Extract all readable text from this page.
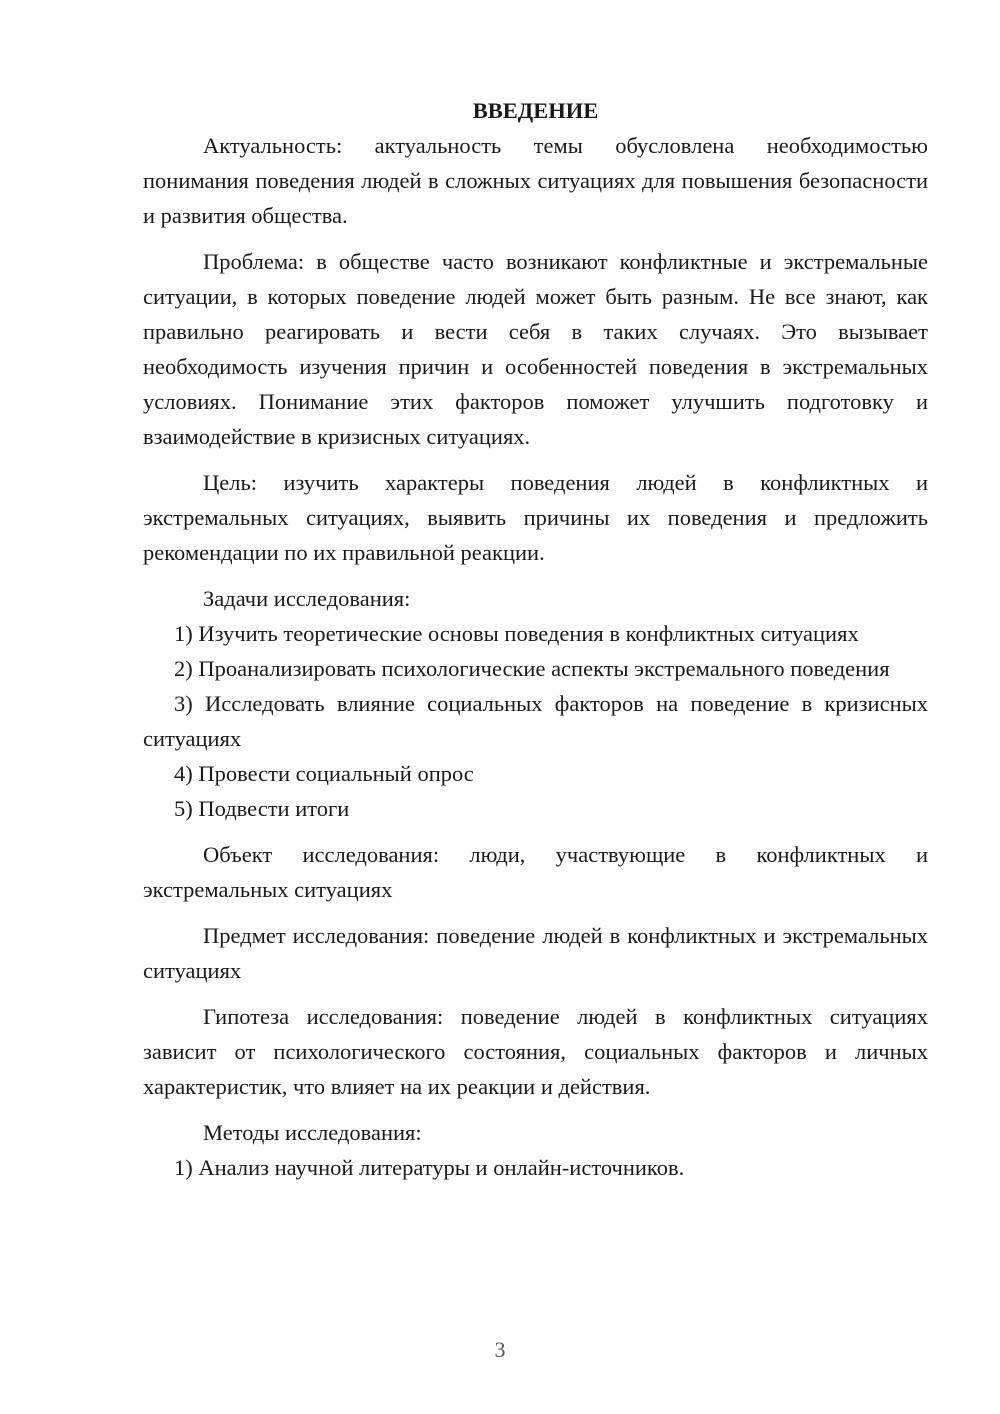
ВВЕДЕНИЕ

Актуальность: актуальность темы обусловлена необходимостью понимания поведения людей в сложных ситуациях для повышения безопасности и развития общества.

Проблема: в обществе часто возникают конфликтные и экстремальные ситуации, в которых поведение людей может быть разным. Не все знают, как правильно реагировать и вести себя в таких случаях. Это вызывает необходимость изучения причин и особенностей поведения в экстремальных условиях. Понимание этих факторов поможет улучшить подготовку и взаимодействие в кризисных ситуациях.

Цель: изучить характеры поведения людей в конфликтных и экстремальных ситуациях, выявить причины их поведения и предложить рекомендации по их правильной реакции.

Задачи исследования:

1) Изучить теоретические основы поведения в конфликтных ситуациях

2) Проанализировать психологические аспекты экстремального поведения

3) Исследовать влияние социальных факторов на поведение в кризисных ситуациях

4) Провести социальный опрос

5) Подвести итоги

Объект исследования: люди, участвующие в конфликтных и экстремальных ситуациях

Предмет исследования: поведение людей в конфликтных и экстремальных ситуациях

Гипотеза исследования: поведение людей в конфликтных ситуациях зависит от психологического состояния, социальных факторов и личных характеристик, что влияет на их реакции и действия.

Методы исследования:

1) Анализ научной литературы и онлайн-источников.

3
